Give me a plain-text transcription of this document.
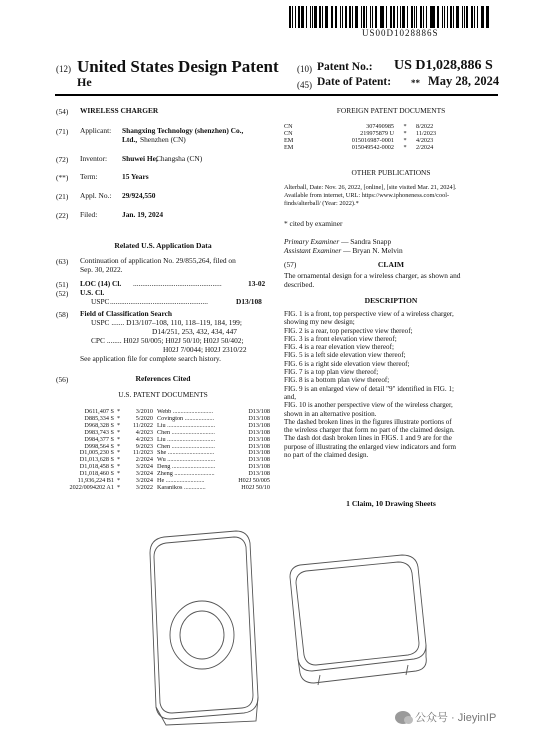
US00D1028886S
(12) United States Design Patent
He
(10) Patent No.: US D1,028,886 S
(45) Date of Patent: ** May 28, 2024
(54) WIRELESS CHARGER
(71) Applicant: Shangxing Technology (shenzhen) Co.,
Ltd., Shenzhen (CN)
(72) Inventor: Shuwei He,
Changsha (CN)
(**) Term:	15 Years
(21) Appl. No.: 29/924,550
(22) Filed:	Jan. 19, 2024
Related U.S. Application Data
(63) Continuation of application No. 29/855,264, filed on
Sep. 30, 2022.
(51) LOC (14) Cl. ................................................	13-02
(52) U.S. Cl.
USPC .....................................................	D13/108
(58) Field of Classification Search
USPC ....... D13/107–108, 110, 118–119, 184, 199;
D14/251, 253, 432, 434, 447
CPC ........ H02J 50/005; H02J 50/10; H02J 50/402;
H02J 7/0044; H02J 2310/22
See application file for complete search history.
(56)	References Cited
U.S. PATENT DOCUMENTS
D611,407 S *	3/2010 Webb ..........................	D13/108
D885,334 S *	5/2020 Covington ...................	D13/108
D968,328 S *	11/2022 Liu ...............................	D13/108
D983,743 S *	4/2023 Chen ............................	D13/108
D984,377 S *	4/2023 Liu ...............................	D13/108
D998,564 S *	9/2023 Chen ............................	D13/108
D1,005,230 S *	11/2023 She ..............................	D13/108
D1,013,628 S *	2/2024 Wu ...............................	D13/108
D1,018,458 S *	3/2024 Deng ............................	D13/108
D1,018,460 S *	3/2024 Zheng ..........................	D13/108
11,936,224 B1 *	3/2024 He .........................	H02J 50/005
2022/0094202 A1 *	3/2022 Karanikos ..............	H02J 50/10
FOREIGN PATENT DOCUMENTS
CN	307490985	*	8/2022
CN	219975879 U	*	11/2023
EM	015016987-0001	*	4/2023
EM	015049542-0002	*	2/2024
OTHER PUBLICATIONS
Alterball, Date: Nov. 26, 2022, [online], [site visited Mar. 21, 2024].
Available from internet, URL: https://www.iphoneness.com/cool-
finds/alterball/ (Year: 2022).*
* cited by examiner
Primary Examiner — Sandra Snapp
Assistant Examiner — Bryan N. Melvin
(57)	CLAIM
The ornamental design for a wireless charger, as shown and
described.
DESCRIPTION
FIG. 1 is a front, top perspective view of a wireless charger,
showing my new design;
FIG. 2 is a rear, top perspective view thereof;
FIG. 3 is a front elevation view thereof;
FIG. 4 is a rear elevation view thereof;
FIG. 5 is a left side elevation view thereof;
FIG. 6 is a right side elevation view thereof;
FIG. 7 is a top plan view thereof;
FIG. 8 is a bottom plan view thereof;
FIG. 9 is an enlarged view of detail "9" identified in FIG. 1;
and,
FIG. 10 is another perspective view of the wireless charger,
shown in an alternative position.
The dashed broken lines in the figures illustrate portions of
the wireless charger that form no part of the claimed design.
The dash dot dash broken lines in FIGS. 1 and 9 are for the
purpose of illustrating the enlarged view indicators and form
no part of the claimed design.
1 Claim, 10 Drawing Sheets
公众号 · JieyinIP
